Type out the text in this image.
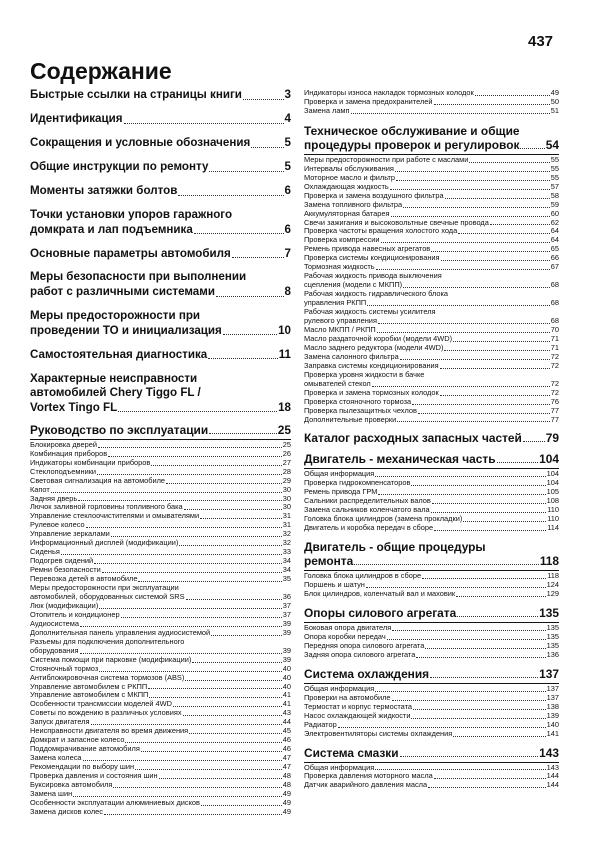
437
Содержание
Быстрые ссылки на страницы книги	3
Идентификация	4
Сокращения и условные обозначения	5
Общие инструкции по ремонту	5
Моменты затяжки болтов	6
Точки установки упоров гаражного
домкрата и лап подъемника	6
Основные параметры автомобиля	7
Меры безопасности при выполнении
работ с различными системами	8
Меры предосторожности при
проведении ТО и инициализация	10
Самостоятельная диагностика	11
Характерные неисправности
автомобилей Chery Tiggo FL /
Vortex Tingo FL	18
Руководство по эксплуатации	25
Блокировка дверей	25
Комбинация приборов	26
Индикаторы комбинации приборов	27
Стеклоподъемники	28
Световая сигнализация на автомобиле	29
Капот	30
Задняя дверь	30
Лючок заливной горловины топливного бака	30
Управление стеклоочистителями и омывателями	31
Рулевое колесо	31
Управление зеркалами	32
Информационный дисплей (модификации)	32
Сиденья	33
Подогрев сидений	34
Ремни безопасности	34
Перевозка детей в автомобиле	35
Меры предосторожности при эксплуатации
автомобилей, оборудованных системой SRS	36
Люк (модификации)	37
Отопитель и кондиционер	37
Аудиосистема	39
Дополнительная панель управления аудиосистемой	39
Разъемы для подключения дополнительного
оборудования	39
Система помощи при парковке (модификации)	39
Стояночный тормоз	40
Антиблокировочная система тормозов (ABS)	40
Управление автомобилем с РКПП	40
Управление автомобилем с МКПП	41
Особенности трансмиссии моделей 4WD	41
Советы по вождению в различных условиях	43
Запуск двигателя	44
Неисправности двигателя во время движения	45
Домкрат и запасное колесо	46
Поддомкрачивание автомобиля	46
Замена колеса	47
Рекомендации по выбору шин	47
Проверка давления и состояния шин	48
Буксировка автомобиля	48
Замена шин	49
Особенности эксплуатации алюминиевых дисков	49
Замена дисков колес	49
Индикаторы износа накладок тормозных колодок	49
Проверка и замена предохранителей	50
Замена ламп	51
Техническое обслуживание и общие
процедуры проверок и регулировок 54
Меры предосторожности при работе с маслами	55
Интервалы обслуживания	55
Моторное масло и фильтр	55
Охлаждающая жидкость	57
Проверка и замена воздушного фильтра	58
Замена топливного фильтра	59
Аккумуляторная батарея	60
Свечи зажигания и высоковольтные свечные провода	62
Проверка частоты вращения холостого хода	64
Проверка компрессии	64
Ремень привода навесных агрегатов	65
Проверка системы кондиционирования	66
Тормозная жидкость	67
Рабочая жидкость привода выключения
сцепления (модели с МКПП)	68
Рабочая жидкость гидравлического блока
управления РКПП	68
Рабочая жидкость системы усилителя
рулевого управления	68
Масло МКПП / РКПП	70
Масло раздаточной коробки (модели 4WD)	71
Масло заднего редуктора (модели 4WD)	71
Замена салонного фильтра	72
Заправка системы кондиционирования	72
Проверка уровня жидкости в бачке
омывателей стекол	72
Проверка и замена тормозных колодок	72
Проверка стояночного тормоза	76
Проверка пылезащитных чехлов	77
Дополнительные проверки	77
Каталог расходных запасных частей 79
Двигатель - механическая часть	104
Общая информация	104
Проверка гидрокомпенсаторов	104
Ремень привода ГРМ	105
Сальники распределительных валов	108
Замена сальников коленчатого вала	110
Головка блока цилиндров (замена прокладки)	110
Двигатель и коробка передач в сборе	114
Двигатель - общие процедуры
ремонта	118
Головка блока цилиндров в сборе	118
Поршень и шатун	124
Блок цилиндров, коленчатый вал и маховик	129
Опоры силового агрегата	135
Боковая опора двигателя	135
Опора коробки передач	135
Передняя опора силового агрегата	135
Задняя опора силового агрегата	136
Система охлаждения	137
Общая информация	137
Проверки на автомобиле	137
Термостат и корпус термостата	138
Насос охлаждающей жидкости	139
Радиатор	140
Электровентиляторы системы охлаждения	141
Система смазки	143
Общая информация	143
Проверка давления моторного масла	144
Датчик аварийного давления масла	144
